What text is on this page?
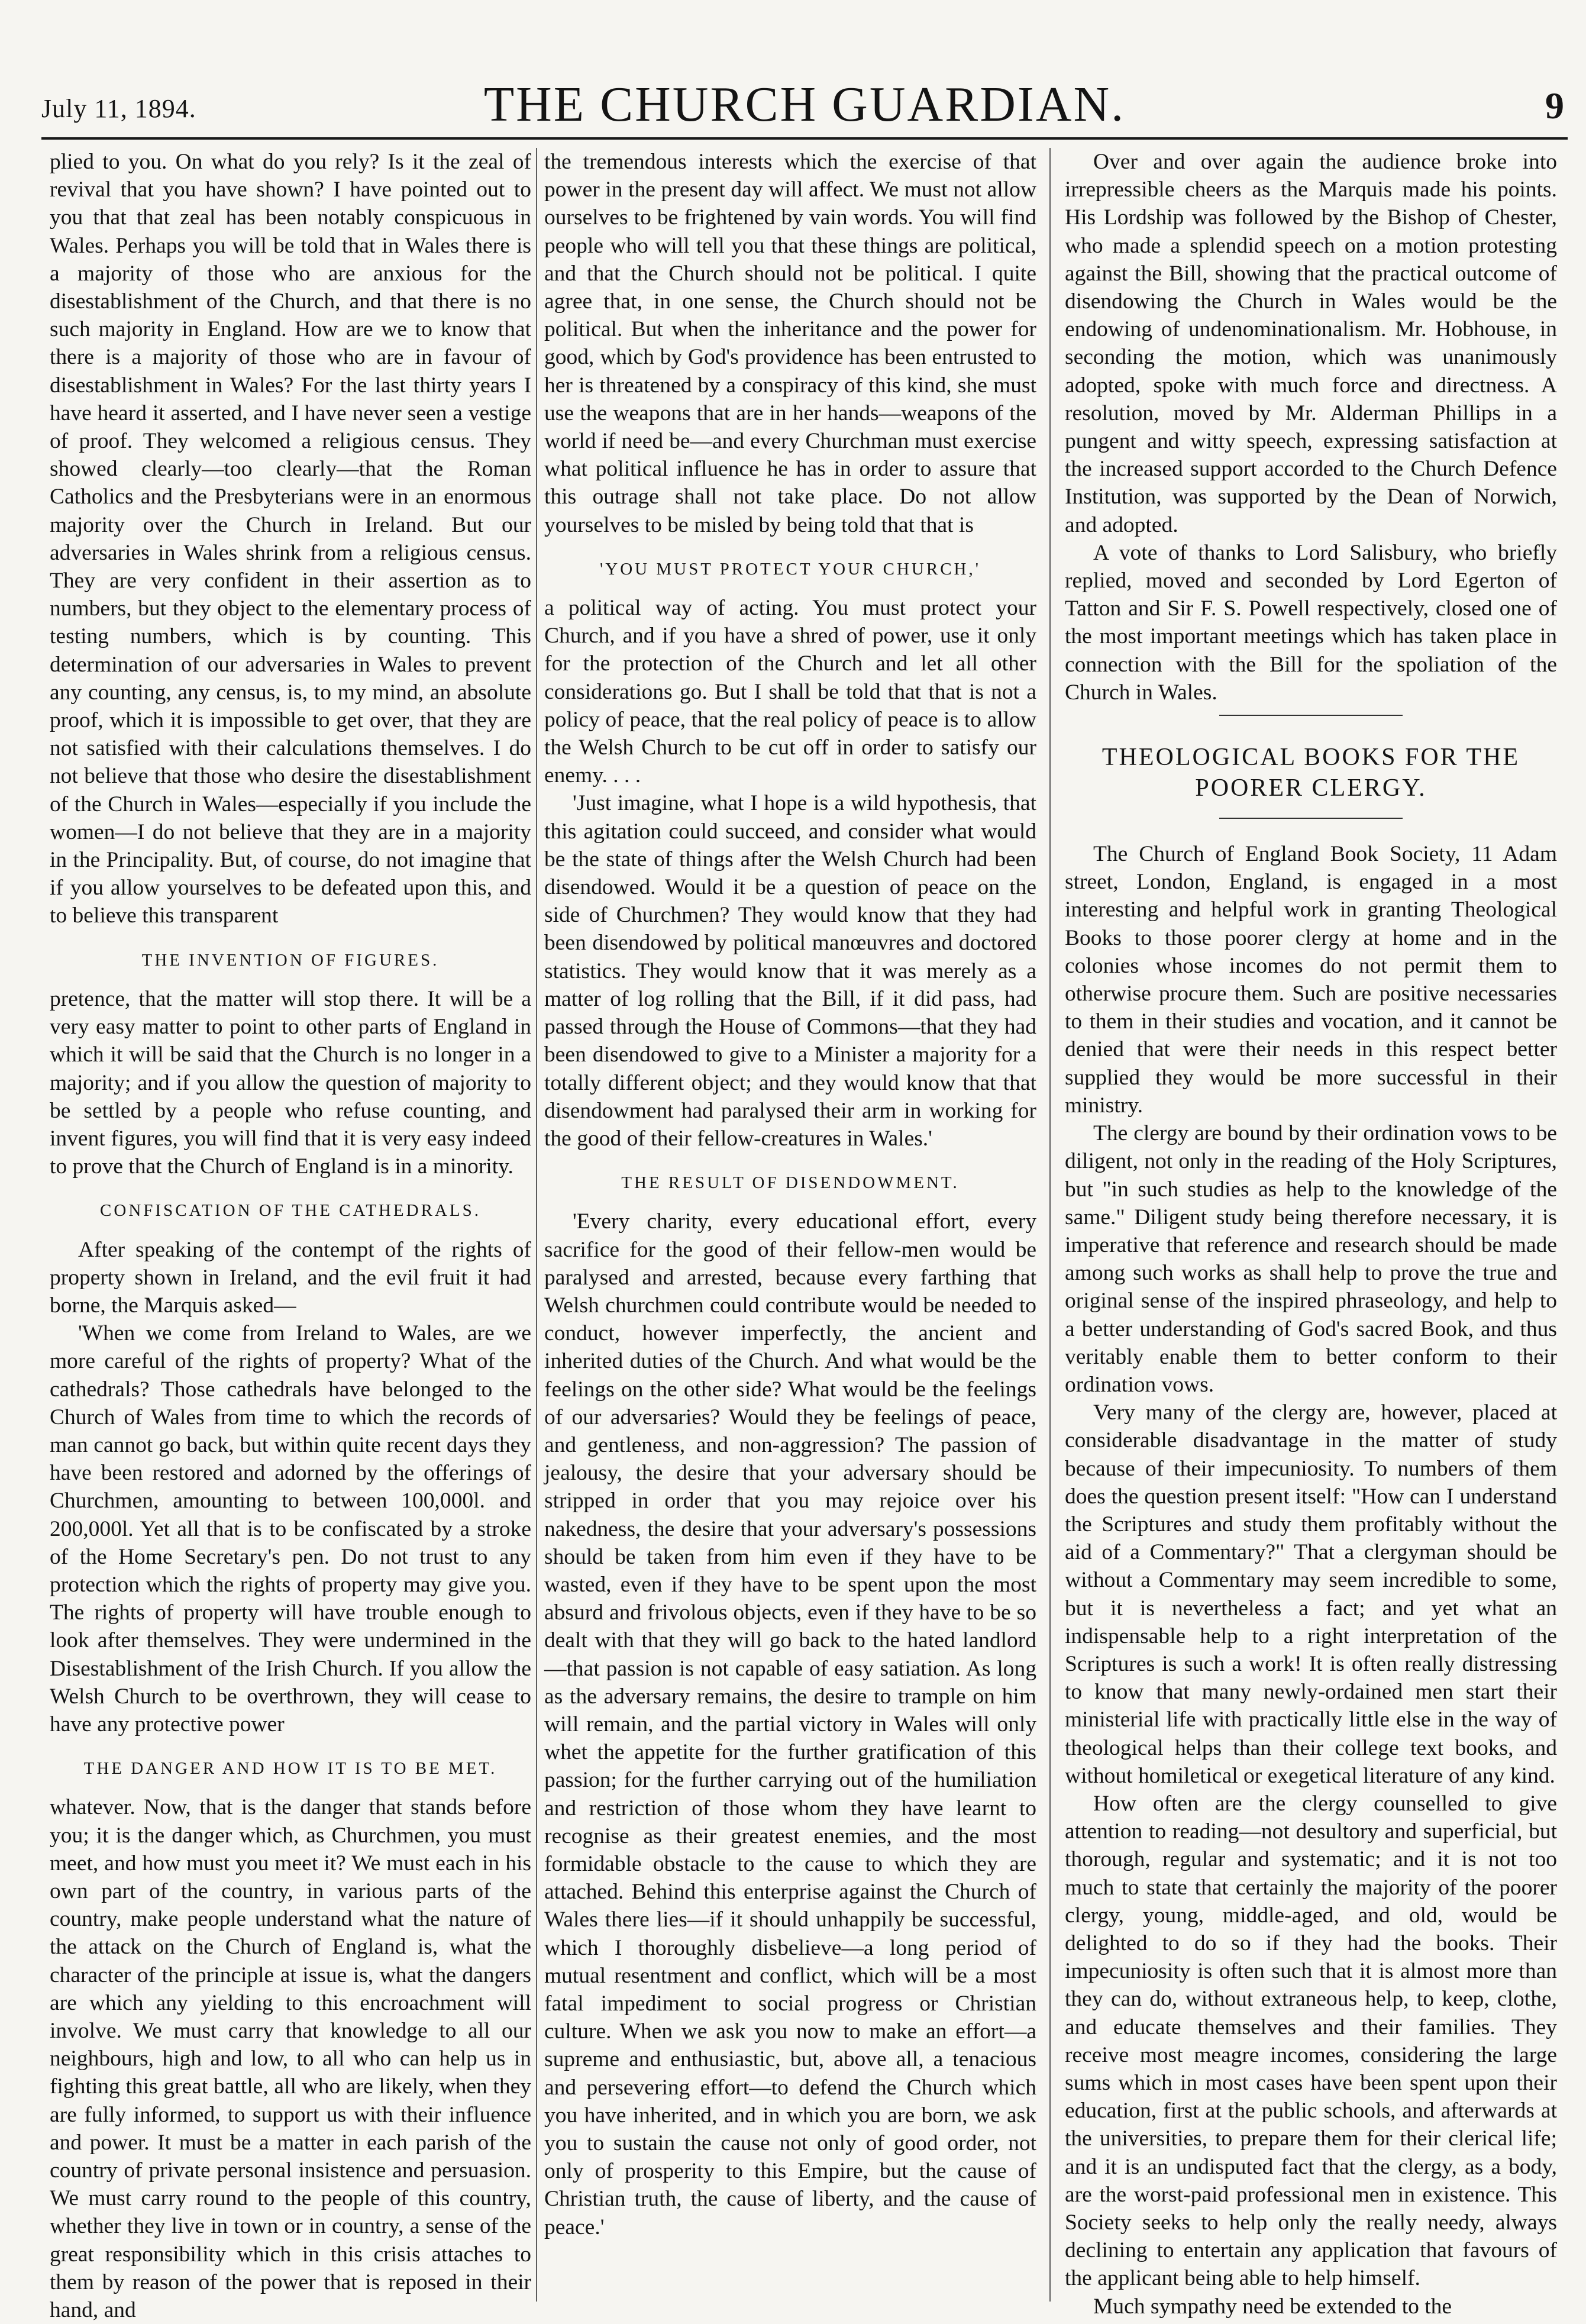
July 11, 1894.	THE CHURCH GUARDIAN.	9

plied to you. On what do you rely? Is it the zeal of revival that you have shown? I have pointed out to you that that zeal has been notably conspicuous in Wales. Perhaps you will be told that in Wales there is a majority of those who are anxious for the disestablishment of the Church, and that there is no such majority in England. How are we to know that there is a majority of those who are in favour of disestablishment in Wales? For the last thirty years I have heard it asserted, and I have never seen a vestige of proof. They welcomed a religious census. They showed clearly—too clearly—that the Roman Catholics and the Presbyterians were in an enormous majority over the Church in Ireland. But our adversaries in Wales shrink from a religious census. They are very confident in their assertion as to numbers, but they object to the elementary process of testing numbers, which is by counting. This determination of our adversaries in Wales to prevent any counting, any census, is, to my mind, an absolute proof, which it is impossible to get over, that they are not satisfied with their calculations themselves. I do not believe that those who desire the disestablishment of the Church in Wales—especially if you include the women—I do not believe that they are in a majority in the Principality. But, of course, do not imagine that if you allow yourselves to be defeated upon this, and to believe this transparent

THE INVENTION OF FIGURES.

pretence, that the matter will stop there. It will be a very easy matter to point to other parts of England in which it will be said that the Church is no longer in a majority; and if you allow the question of majority to be settled by a people who refuse counting, and invent figures, you will find that it is very easy indeed to prove that the Church of England is in a minority.

CONFISCATION OF THE CATHEDRALS.

After speaking of the contempt of the rights of property shown in Ireland, and the evil fruit it had borne, the Marquis asked—

'When we come from Ireland to Wales, are we more careful of the rights of property? What of the cathedrals? Those cathedrals have belonged to the Church of Wales from time to which the records of man cannot go back, but within quite recent days they have been restored and adorned by the offerings of Churchmen, amounting to between 100,000l. and 200,000l. Yet all that is to be confiscated by a stroke of the Home Secretary's pen. Do not trust to any protection which the rights of property may give you. The rights of property will have trouble enough to look after themselves. They were undermined in the Disestablishment of the Irish Church. If you allow the Welsh Church to be overthrown, they will cease to have any protective power

THE DANGER AND HOW IT IS TO BE MET.

whatever. Now, that is the danger that stands before you; it is the danger which, as Churchmen, you must meet, and how must you meet it? We must each in his own part of the country, in various parts of the country, make people understand what the nature of the attack on the Church of England is, what the character of the principle at issue is, what the dangers are which any yielding to this encroachment will involve. We must carry that knowledge to all our neighbours, high and low, to all who can help us in fighting this great battle, all who are likely, when they are fully informed, to support us with their influence and power. It must be a matter in each parish of the country of private personal insistence and persuasion. We must carry round to the people of this country, whether they live in town or in country, a sense of the great responsibility which in this crisis attaches to them by reason of the power that is reposed in their hand, and

the tremendous interests which the exercise of that power in the present day will affect. We must not allow ourselves to be frightened by vain words. You will find people who will tell you that these things are political, and that the Church should not be political. I quite agree that, in one sense, the Church should not be political. But when the inheritance and the power for good, which by God's providence has been entrusted to her is threatened by a conspiracy of this kind, she must use the weapons that are in her hands—weapons of the world if need be—and every Churchman must exercise what political influence he has in order to assure that this outrage shall not take place. Do not allow yourselves to be misled by being told that that is

'YOU MUST PROTECT YOUR CHURCH,'

a political way of acting. You must protect your Church, and if you have a shred of power, use it only for the protection of the Church and let all other considerations go. But I shall be told that that is not a policy of peace, that the real policy of peace is to allow the Welsh Church to be cut off in order to satisfy our enemy. . . .

'Just imagine, what I hope is a wild hypothesis, that this agitation could succeed, and consider what would be the state of things after the Welsh Church had been disendowed. Would it be a question of peace on the side of Churchmen? They would know that they had been disendowed by political manœuvres and doctored statistics. They would know that it was merely as a matter of log rolling that the Bill, if it did pass, had passed through the House of Commons—that they had been disendowed to give to a Minister a majority for a totally different object; and they would know that that disendowment had paralysed their arm in working for the good of their fellow-creatures in Wales.'

THE RESULT OF DISENDOWMENT.

'Every charity, every educational effort, every sacrifice for the good of their fellow-men would be paralysed and arrested, because every farthing that Welsh churchmen could contribute would be needed to conduct, however imperfectly, the ancient and inherited duties of the Church. And what would be the feelings on the other side? What would be the feelings of our adversaries? Would they be feelings of peace, and gentleness, and non-aggression? The passion of jealousy, the desire that your adversary should be stripped in order that you may rejoice over his nakedness, the desire that your adversary's possessions should be taken from him even if they have to be wasted, even if they have to be spent upon the most absurd and frivolous objects, even if they have to be so dealt with that they will go back to the hated landlord—that passion is not capable of easy satiation. As long as the adversary remains, the desire to trample on him will remain, and the partial victory in Wales will only whet the appetite for the further gratification of this passion; for the further carrying out of the humiliation and restriction of those whom they have learnt to recognise as their greatest enemies, and the most formidable obstacle to the cause to which they are attached. Behind this enterprise against the Church of Wales there lies—if it should unhappily be successful, which I thoroughly disbelieve—a long period of mutual resentment and conflict, which will be a most fatal impediment to social progress or Christian culture. When we ask you now to make an effort—a supreme and enthusiastic, but, above all, a tenacious and persevering effort—to defend the Church which you have inherited, and in which you are born, we ask you to sustain the cause not only of good order, not only of prosperity to this Empire, but the cause of Christian truth, the cause of liberty, and the cause of peace.'

Over and over again the audience broke into irrepressible cheers as the Marquis made his points. His Lordship was followed by the Bishop of Chester, who made a splendid speech on a motion protesting against the Bill, showing that the practical outcome of disendowing the Church in Wales would be the endowing of undenominationalism. Mr. Hobhouse, in seconding the motion, which was unanimously adopted, spoke with much force and directness. A resolution, moved by Mr. Alderman Phillips in a pungent and witty speech, expressing satisfaction at the increased support accorded to the Church Defence Institution, was supported by the Dean of Norwich, and adopted.

A vote of thanks to Lord Salisbury, who briefly replied, moved and seconded by Lord Egerton of Tatton and Sir F. S. Powell respectively, closed one of the most important meetings which has taken place in connection with the Bill for the spoliation of the Church in Wales.

THEOLOGICAL BOOKS FOR THE POORER CLERGY.

The Church of England Book Society, 11 Adam street, London, England, is engaged in a most interesting and helpful work in granting Theological Books to those poorer clergy at home and in the colonies whose incomes do not permit them to otherwise procure them. Such are positive necessaries to them in their studies and vocation, and it cannot be denied that were their needs in this respect better supplied they would be more successful in their ministry.

The clergy are bound by their ordination vows to be diligent, not only in the reading of the Holy Scriptures, but "in such studies as help to the knowledge of the same." Diligent study being therefore necessary, it is imperative that reference and research should be made among such works as shall help to prove the true and original sense of the inspired phraseology, and help to a better understanding of God's sacred Book, and thus veritably enable them to better conform to their ordination vows.

Very many of the clergy are, however, placed at considerable disadvantage in the matter of study because of their impecuniosity. To numbers of them does the question present itself: "How can I understand the Scriptures and study them profitably without the aid of a Commentary?" That a clergyman should be without a Commentary may seem incredible to some, but it is nevertheless a fact; and yet what an indispensable help to a right interpretation of the Scriptures is such a work! It is often really distressing to know that many newly-ordained men start their ministerial life with practically little else in the way of theological helps than their college text books, and without homiletical or exegetical literature of any kind.

How often are the clergy counselled to give attention to reading—not desultory and superficial, but thorough, regular and systematic; and it is not too much to state that certainly the majority of the poorer clergy, young, middle-aged, and old, would be delighted to do so if they had the books. Their impecuniosity is often such that it is almost more than they can do, without extraneous help, to keep, clothe, and educate themselves and their families. They receive most meagre incomes, considering the large sums which in most cases have been spent upon their education, first at the public schools, and afterwards at the universities, to prepare them for their clerical life; and it is an undisputed fact that the clergy, as a body, are the worst-paid professional men in existence. This Society seeks to help only the really needy, always declining to entertain any application that favours of the applicant being able to help himself.

Much sympathy need be extended to the
